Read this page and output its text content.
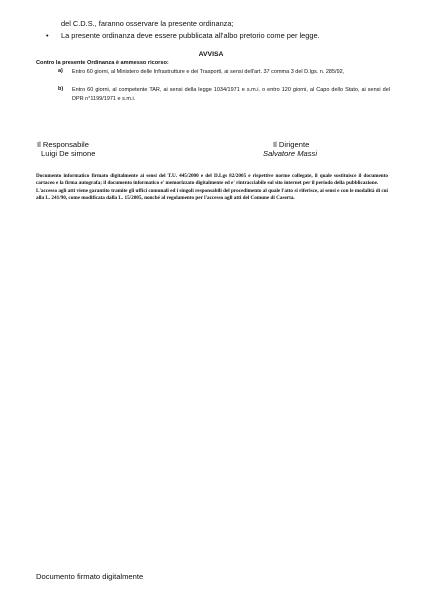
del C.D.S., faranno osservare la presente ordinanza;
• La presente ordinanza deve essere pubblicata all'albo pretorio come per legge.
AVVISA
Contro la presente Ordinanza è ammesso ricorso:
a) Entro 60 giorni, al Ministero delle Infrastrutture e dei Trasporti, ai sensi dell'art. 37 comma 3 del D.lgs. n. 285/92,
b) Entro 60 giorni, al competente TAR, ai sensi della legge 1034/1971 e s.m.i. o entro 120 giorni, al Capo dello Stato, ai sensi del DPR n°1199/1971 e s.m.i.
Il Responsabile
Luigi De simone
Il Dirigente
Salvatore Massi

Documento informatico firmato digitalmente ai sensi del T.U. 445/2000 e del D.Lgs 82/2005 e rispettive norme collegate, il quale sostituisce il documento cartaceo e la firma autografa; il documento informatico e' memorizzato digitalmente ed e' rintracciabile sul sito internet per il periodo della pubblicazione.

L'accesso agli atti viene garantito tramite gli uffici comunali ed i singoli responsabili del procedimento al quale l'atto si riferisce, ai sensi e con le modalità di cui alla L. 241/90, come modificata dalla L. 15/2005, nonché al regolamento per l'accesso agli atti del Comune di Caserta.

Documento firmato digitalmente
